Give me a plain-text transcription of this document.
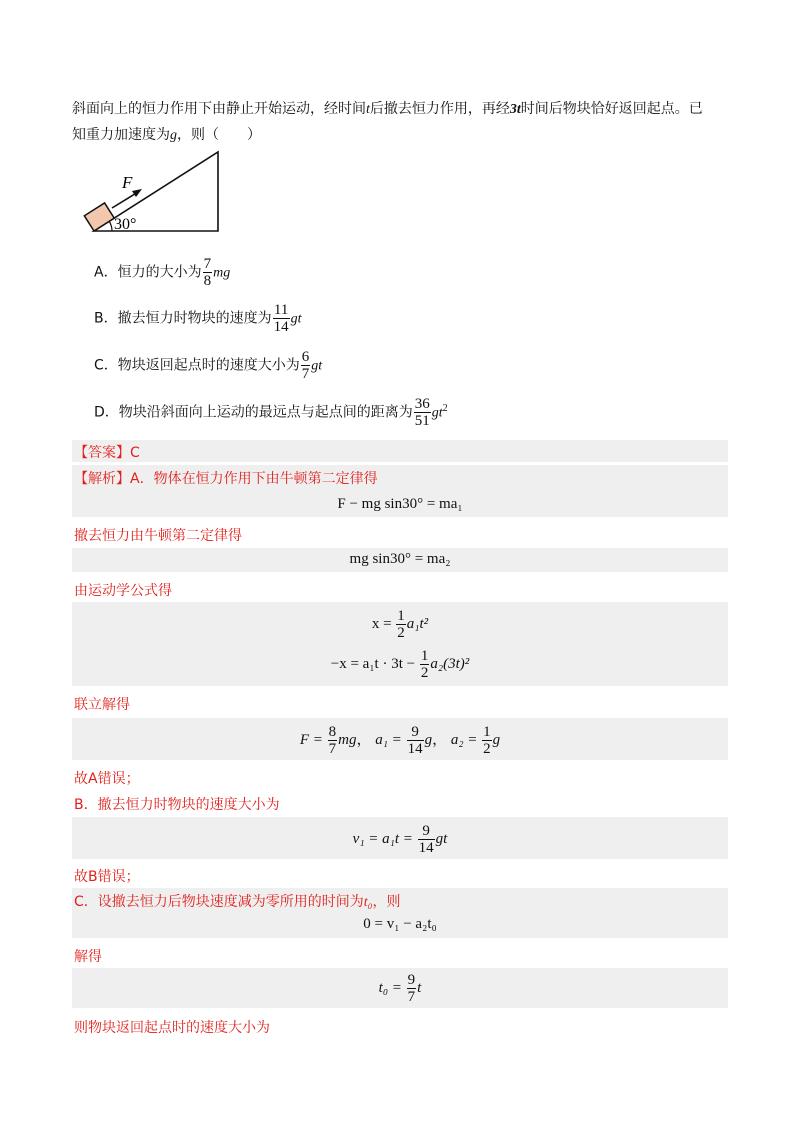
斜面向上的恒力作用下由静止开始运动，经时间t后撤去恒力作用，再经3t时间后物块恰好返回起点。已
知重力加速度为g，则（　　）
F
30°
A．恒力的大小为 $\frac{7}{8}$ mg
B．撤去恒力时物块的速度为 $\frac{11}{14}$ gt
C．物块返回起点时的速度大小为 $\frac{6}{7}$ gt
D．物块沿斜面向上运动的最远点与起点间的距离为 $\frac{36}{51} gt^2$
【答案】C
【解析】A．物体在恒力作用下由牛顿第二定律得
F − mg sin30° = ma₁
撤去恒力由牛顿第二定律得
mg sin30° = ma₂
由运动学公式得
$x = \frac{1}{2} a_1t^2$
$-x = a_1t \cdot 3t - \frac{1}{2} a_2(3t)^2$
联立解得
$F = \frac{8}{7}$ mg， $a_1 = \frac{9}{14}$ g， $a_2 = \frac{1}{2}$ g
故A错误；
B．撤去恒力时物块的速度大小为
$v_1 = a_1t = \frac{9}{14}$ gt
故B错误；
C．设撤去恒力后物块速度减为零所用的时间为t₀，则
0 = v₁ − a₂t₀
解得
$t_0 = \frac{9}{7}$ t
则物块返回起点时的速度大小为
